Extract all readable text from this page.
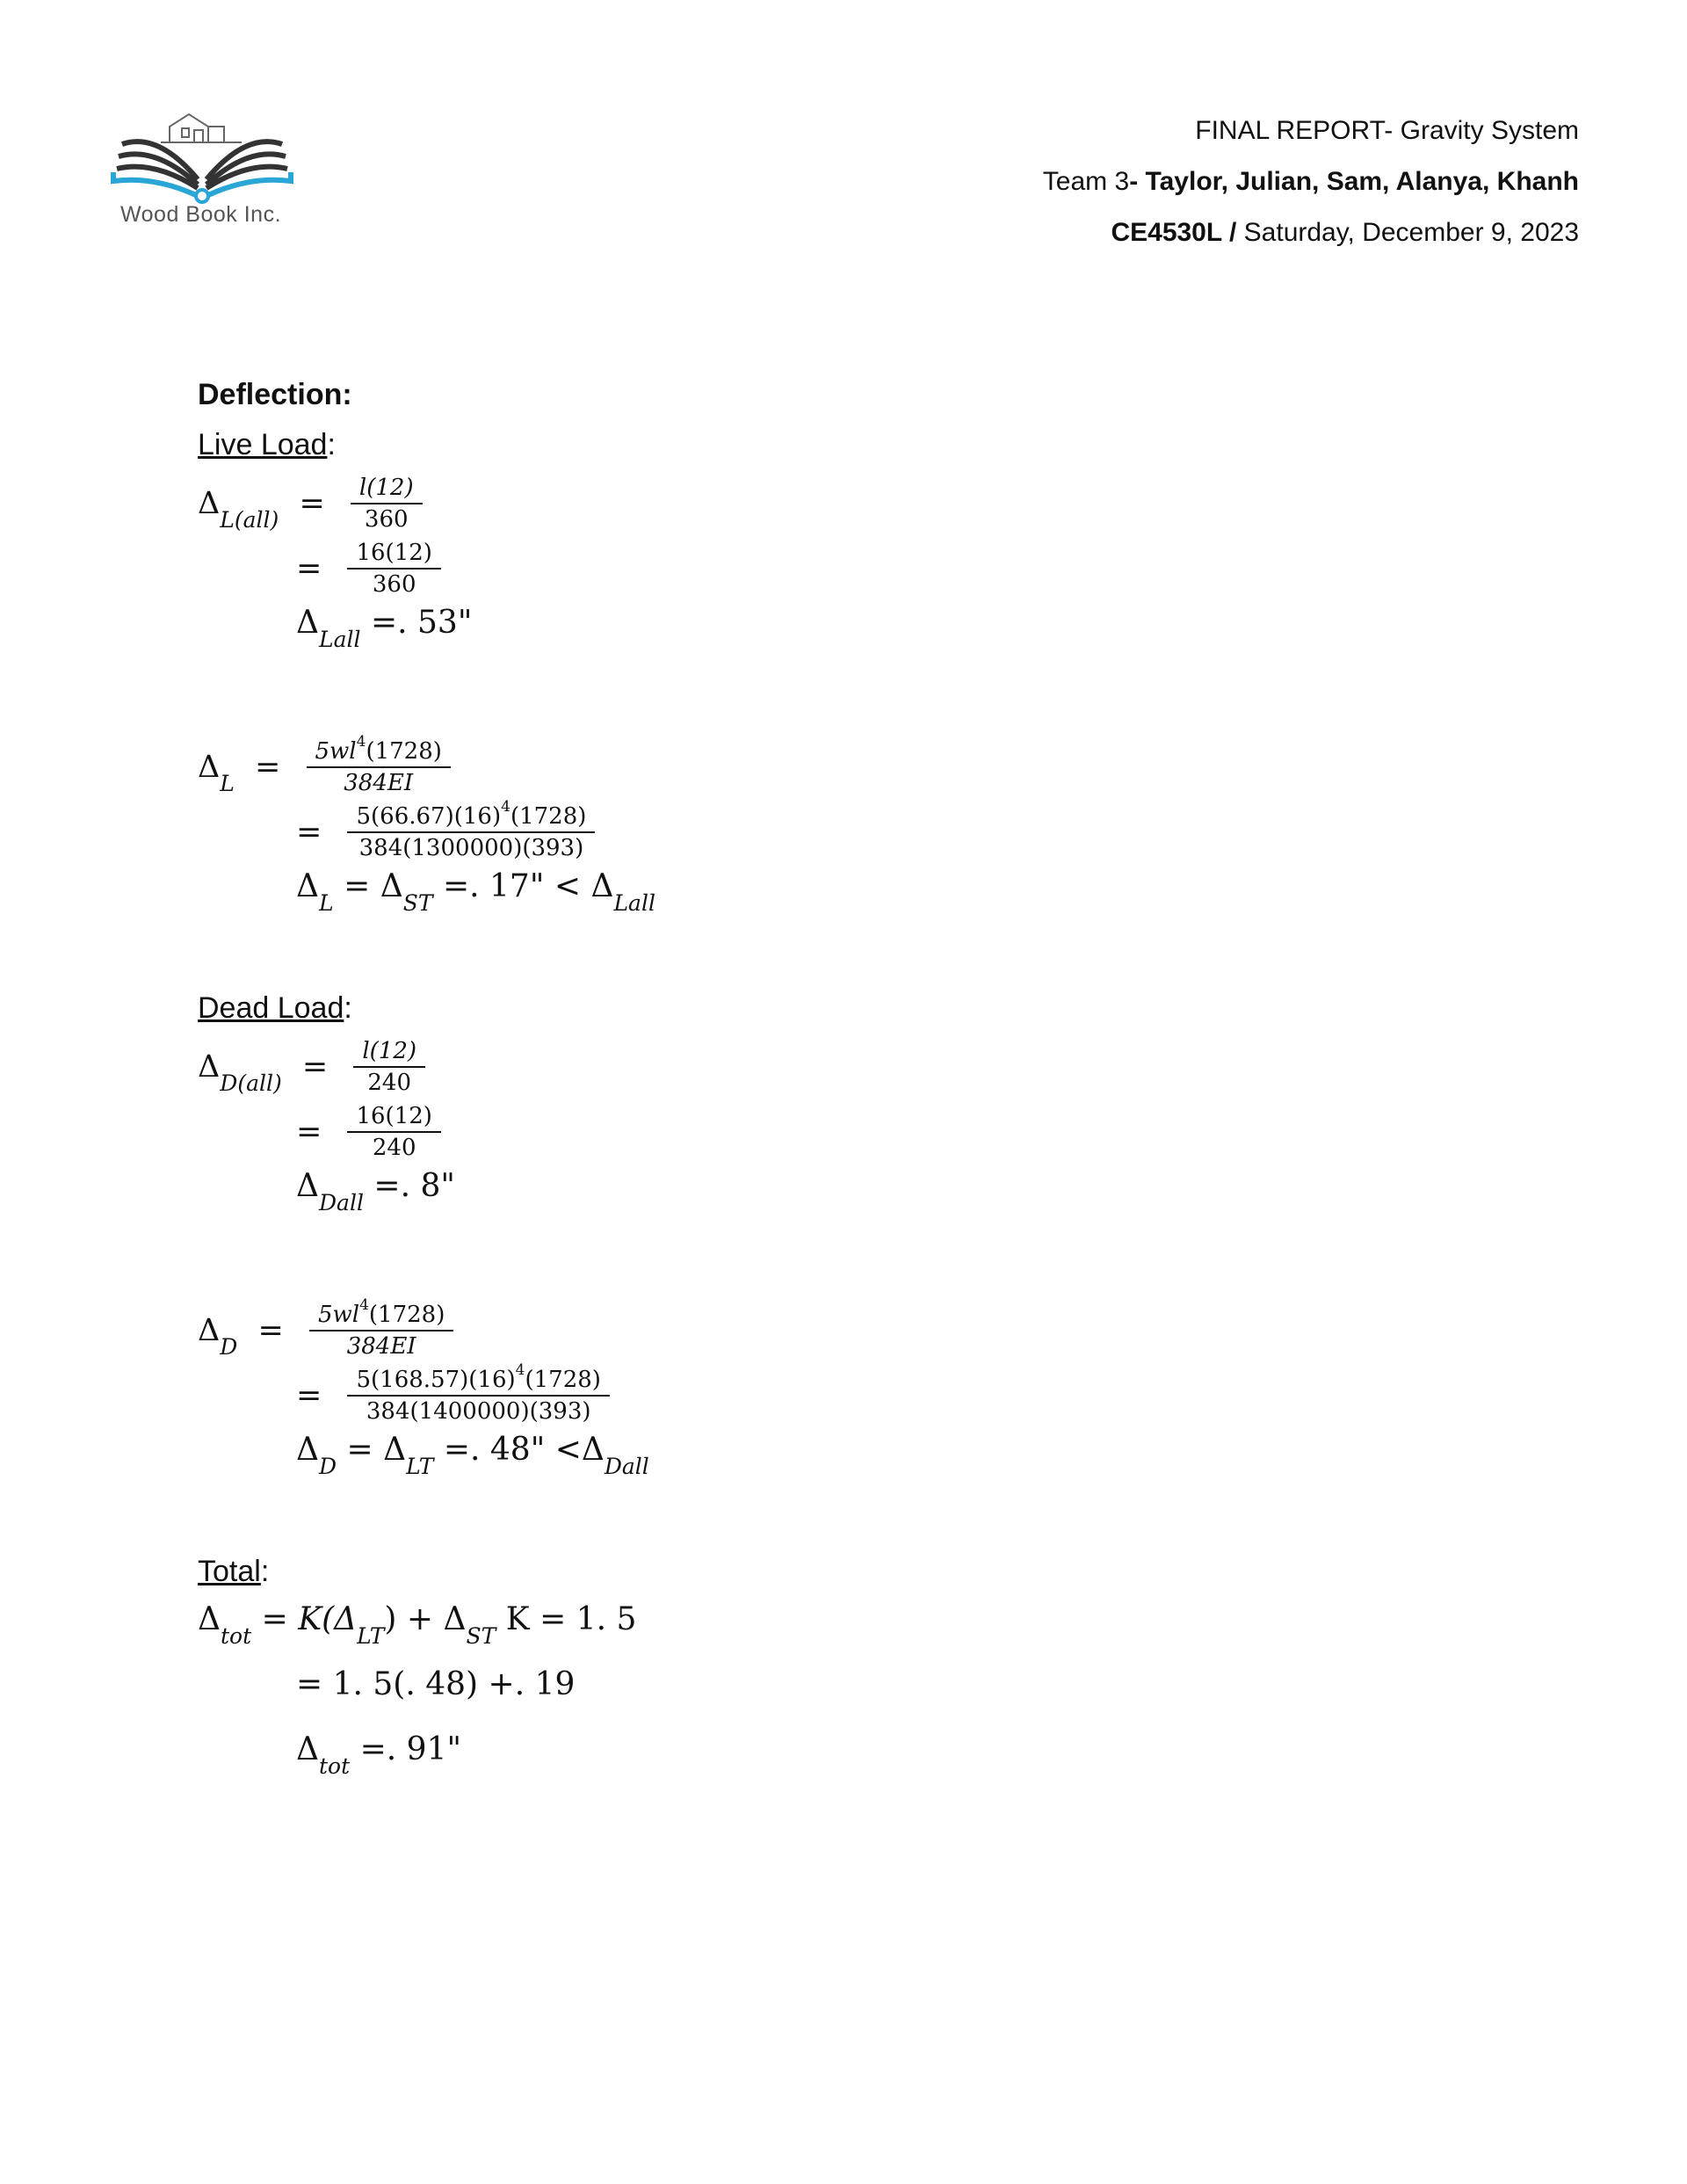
Wood Book Inc.
FINAL REPORT- Gravity System
Team 3- Taylor, Julian, Sam, Alanya, Khanh
CE4530L / Saturday, December 9, 2023
Deflection:
Live Load:
$\Delta_{L(all)} = \frac{l(12)}{360}$
= $\frac{16(12)}{360}$
$\Delta_{Lall}$ =. 53"
$\Delta_L = \frac{5wl^4(1728)}{384EI}$
= $\frac{5(66.67)(16)^4(1728)}{384(1300000)(393)}$
$\Delta_L = \Delta_{ST}$ =. 17" < $\Delta_{Lall}$
Dead Load:
$\Delta_{D(all)} = \frac{l(12)}{240}$
= $\frac{16(12)}{240}$
$\Delta_{Dall}$ =. 8"
$\Delta_D = \frac{5wl^4(1728)}{384EI}$
= $\frac{5(168.57)(16)^4(1728)}{384(1400000)(393)}$
$\Delta_D = \Delta_{LT}$ =. 48" $<\Delta_{Dall}$
Total:
$\Delta_{tot} = K(\Delta_{LT}) + \Delta_{ST}$ K = 1. 5
= 1. 5(. 48) +. 19
$\Delta_{tot}$ =. 91"
